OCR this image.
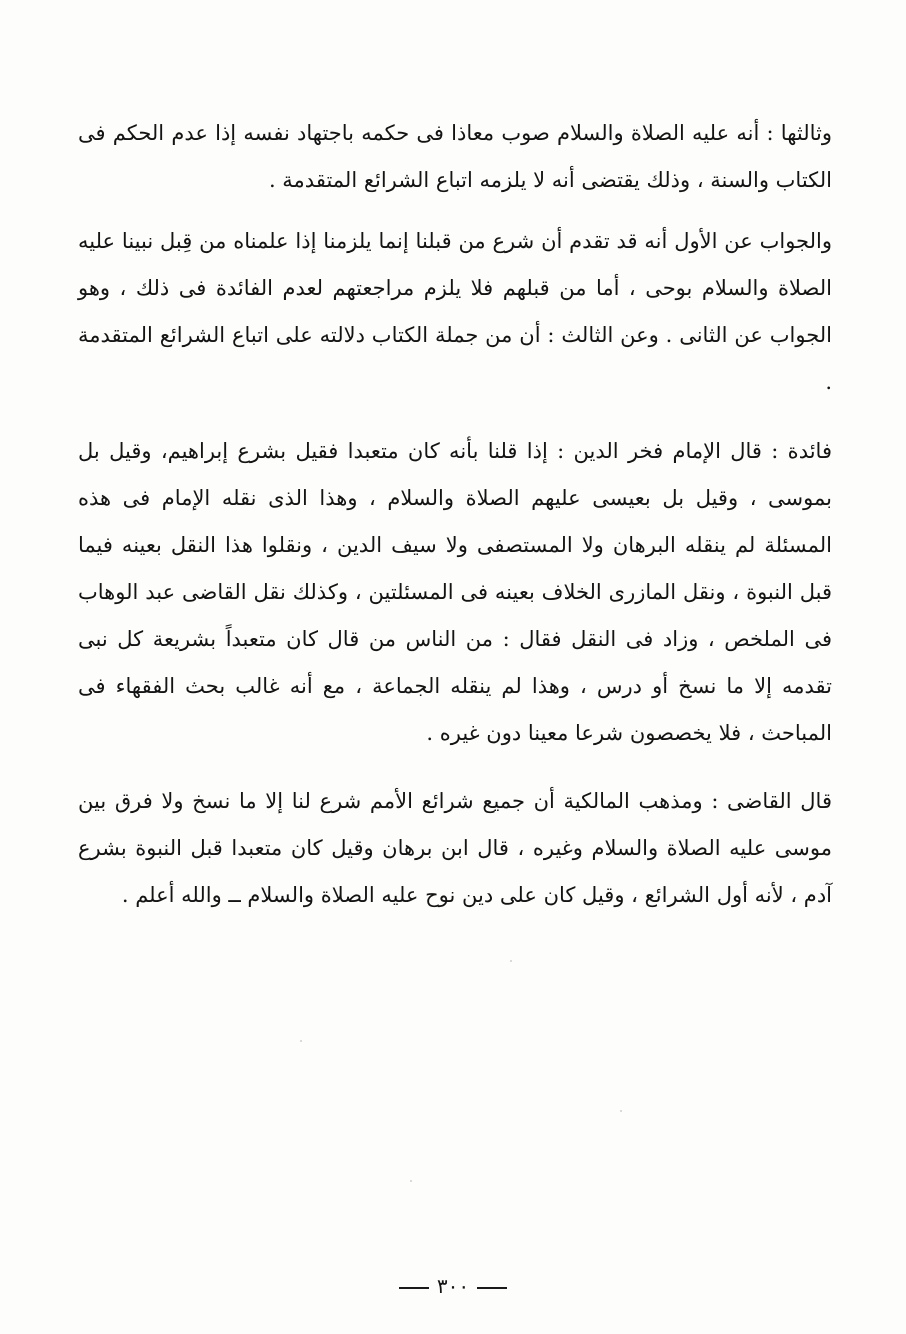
وثالثها : أنه عليه الصلاة والسلام صوب معاذا فى حكمه باجتهاد نفسه إذا عدم الحكم فى الكتاب والسنة ، وذلك يقتضى أنه لا يلزمه اتباع الشرائع المتقدمة .

والجواب عن الأول أنه قد تقدم أن شرع من قبلنا إنما يلزمنا إذا علمناه من قِبل نبينا عليه الصلاة والسلام بوحى ، أما من قبلهم فلا يلزم مراجعتهم لعدم الفائدة فى ذلك ، وهو الجواب عن الثانى . وعن الثالث : أن من جملة الكتاب دلالته على اتباع الشرائع المتقدمة .

فائدة : قال الإمام فخر الدين : إذا قلنا بأنه كان متعبدا فقيل بشرع إبراهيم، وقيل بل بموسى ، وقيل بل بعيسى عليهم الصلاة والسلام ، وهذا الذى نقله الإمام فى هذه المسئلة لم ينقله البرهان ولا المستصفى ولا سيف الدين ، ونقلوا هذا النقل بعينه فيما قبل النبوة ، ونقل المازرى الخلاف بعينه فى المسئلتين ، وكذلك نقل القاضى عبد الوهاب فى الملخص ، وزاد فى النقل فقال : من الناس من قال كان متعبداً بشريعة كل نبى تقدمه إلا ما نسخ أو درس ، وهذا لم ينقله الجماعة ، مع أنه غالب بحث الفقهاء فى المباحث ، فلا يخصصون شرعا معينا دون غيره .

قال القاضى : ومذهب المالكية أن جميع شرائع الأمم شرع لنا إلا ما نسخ ولا فرق بين موسى عليه الصلاة والسلام وغيره ، قال ابن برهان وقيل كان متعبدا قبل النبوة بشرع آدم ، لأنه أول الشرائع ، وقيل كان على دين نوح عليه الصلاة والسلام ــ والله أعلم .

٣٠٠
